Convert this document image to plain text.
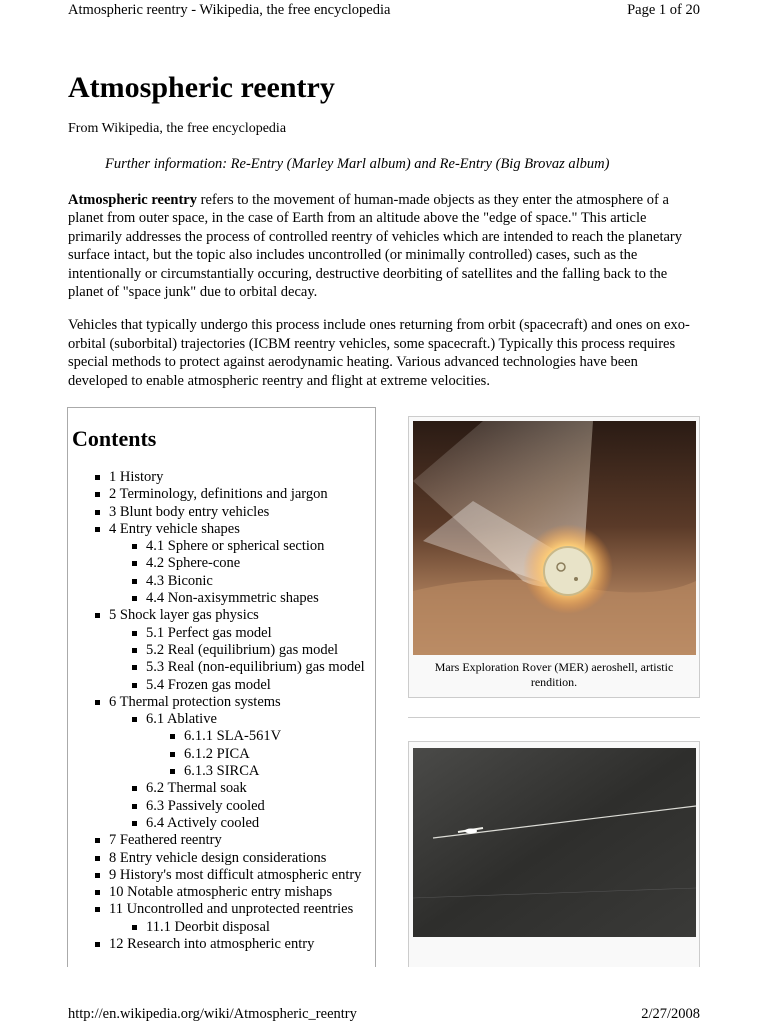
Atmospheric reentry - Wikipedia, the free encyclopedia	Page 1 of 20
Atmospheric reentry
From Wikipedia, the free encyclopedia
Further information: Re-Entry (Marley Marl album) and Re-Entry (Big Brovaz album)

Atmospheric reentry refers to the movement of human-made objects as they enter the atmosphere of a planet from outer space, in the case of Earth from an altitude above the "edge of space." This article primarily addresses the process of controlled reentry of vehicles which are intended to reach the planetary surface intact, but the topic also includes uncontrolled (or minimally controlled) cases, such as the intentionally or circumstantially occuring, destructive deorbiting of satellites and the falling back to the planet of "space junk" due to orbital decay.

Vehicles that typically undergo this process include ones returning from orbit (spacecraft) and ones on exo-orbital (suborbital) trajectories (ICBM reentry vehicles, some spacecraft.) Typically this process requires special methods to protect against aerodynamic heating. Various advanced technologies have been developed to enable atmospheric reentry and flight at extreme velocities.

Contents
1 History
2 Terminology, definitions and jargon
3 Blunt body entry vehicles
4 Entry vehicle shapes
4.1 Sphere or spherical section
4.2 Sphere-cone
4.3 Biconic
4.4 Non-axisymmetric shapes
5 Shock layer gas physics
5.1 Perfect gas model
5.2 Real (equilibrium) gas model
5.3 Real (non-equilibrium) gas model
5.4 Frozen gas model
6 Thermal protection systems
6.1 Ablative
6.1.1 SLA-561V
6.1.2 PICA
6.1.3 SIRCA
6.2 Thermal soak
6.3 Passively cooled
6.4 Actively cooled
7 Feathered reentry
8 Entry vehicle design considerations
9 History's most difficult atmospheric entry
10 Notable atmospheric entry mishaps
11 Uncontrolled and unprotected reentries
11.1 Deorbit disposal
12 Research into atmospheric entry
Mars Exploration Rover (MER) aeroshell, artistic rendition.
http://en.wikipedia.org/wiki/Atmospheric_reentry	2/27/2008
